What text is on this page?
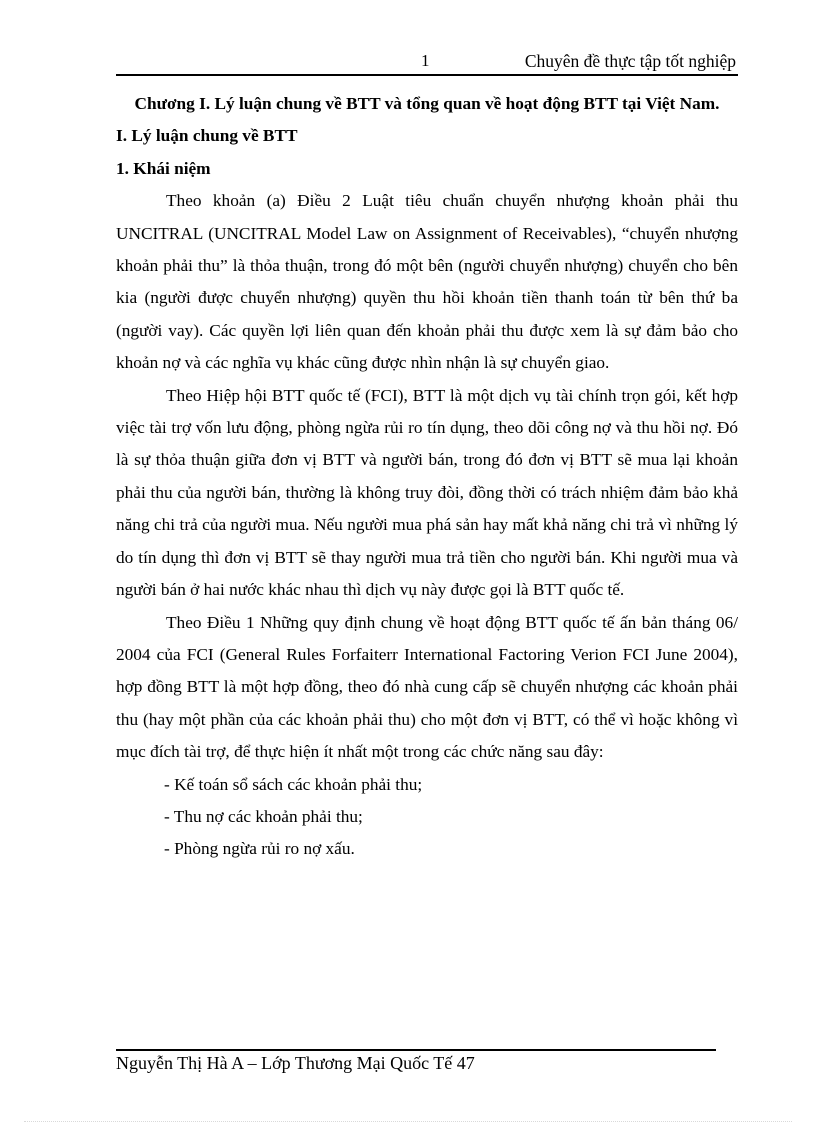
1	Chuyên đề thực tập tốt nghiệp

Chương I. Lý luận chung về BTT và tổng quan về hoạt động BTT tại Việt Nam.

I. Lý luận chung về BTT

1. Khái niệm

Theo khoản (a) Điều 2 Luật tiêu chuẩn chuyển nhượng khoản phải thu UNCITRAL (UNCITRAL Model Law on Assignment of Receivables), “chuyển nhượng khoản phải thu” là thỏa thuận, trong đó một bên (người chuyển nhượng) chuyển cho bên kia (người được chuyển nhượng) quyền thu hồi khoản tiền thanh toán từ bên thứ ba (người vay). Các quyền lợi liên quan đến khoản phải thu được xem là sự đảm bảo cho khoản nợ và các nghĩa vụ khác cũng được nhìn nhận là sự chuyển giao.

Theo Hiệp hội BTT quốc tế (FCI), BTT là một dịch vụ tài chính trọn gói, kết hợp việc tài trợ vốn lưu động, phòng ngừa rủi ro tín dụng, theo dõi công nợ và thu hồi nợ. Đó là sự thỏa thuận giữa đơn vị BTT và người bán, trong đó đơn vị BTT sẽ mua lại khoản phải thu của người bán, thường là không truy đòi, đồng thời có trách nhiệm đảm bảo khả năng chi trả của người mua. Nếu người mua phá sản hay mất khả năng chi trả vì những lý do tín dụng thì đơn vị BTT sẽ thay người mua trả tiền cho người bán. Khi người mua và người bán ở hai nước khác nhau thì dịch vụ này được gọi là BTT quốc tế.

Theo Điều 1 Những quy định chung về hoạt động BTT quốc tế ấn bản tháng 06/ 2004 của FCI (General Rules Forfaiterr International Factoring Verion FCI June 2004), hợp đồng BTT là một hợp đồng, theo đó nhà cung cấp sẽ chuyển nhượng các khoản phải thu (hay một phần của các khoản phải thu) cho một đơn vị BTT, có thể vì hoặc không vì mục đích tài trợ, để thực hiện ít nhất một trong các chức năng sau đây:

- Kế toán sổ sách các khoản phải thu;

- Thu nợ các khoản phải thu;

- Phòng ngừa rủi ro nợ xấu.

Nguyễn Thị Hà A – Lớp Thương Mại Quốc Tế 47
